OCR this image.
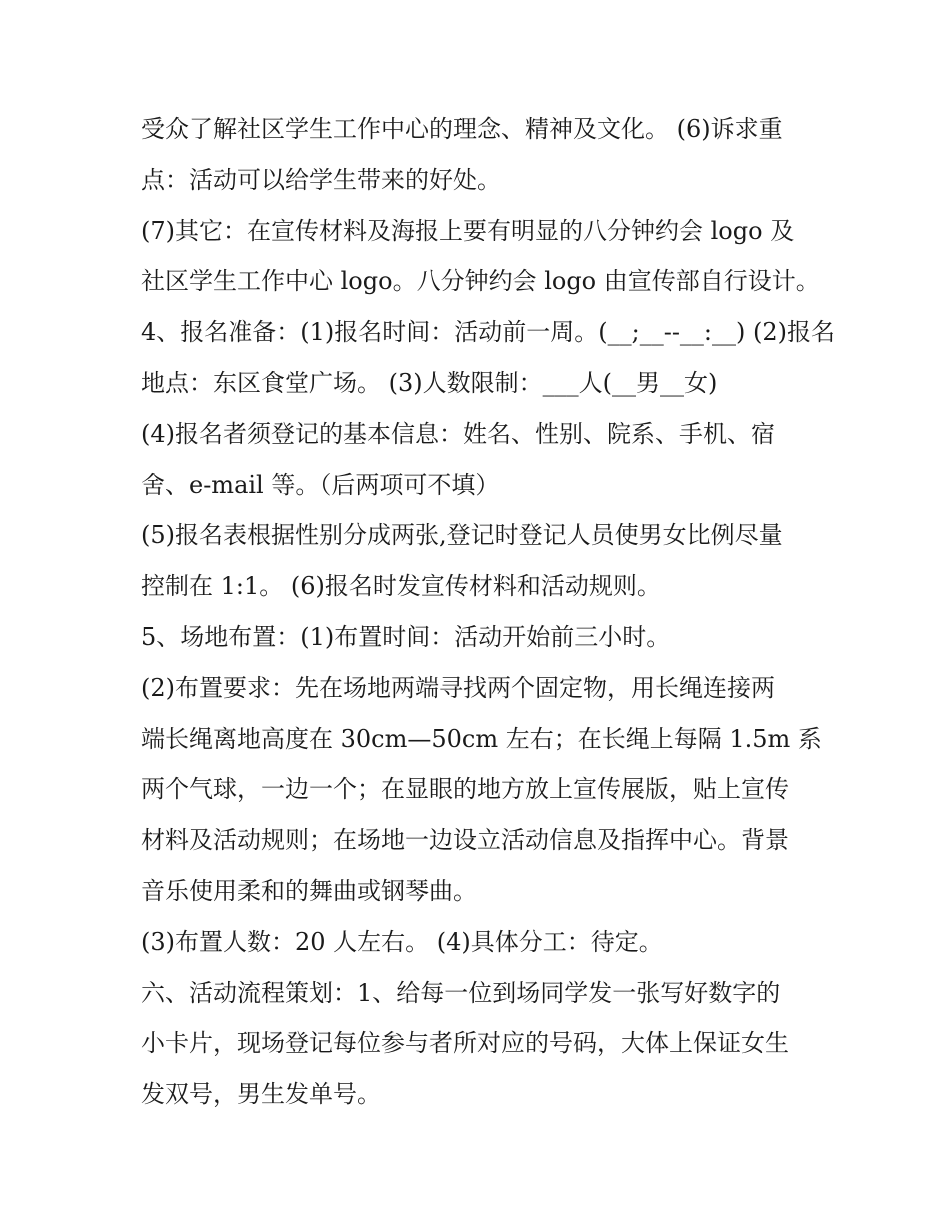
受众了解社区学生工作中心的理念、精神及文化。 (6)诉求重
点：活动可以给学生带来的好处。
(7)其它：在宣传材料及海报上要有明显的八分钟约会 logo 及
社区学生工作中心 logo。八分钟约会 logo 由宣传部自行设计。
4、报名准备：(1)报名时间：活动前一周。(__;__--__:__) (2)报名
地点：东区食堂广场。 (3)人数限制：___人(__男__女)
(4)报名者须登记的基本信息：姓名、性别、院系、手机、宿
舍、e-mail 等。（后两项可不填）
(5)报名表根据性别分成两张,登记时登记人员使男女比例尽量
控制在 1:1。 (6)报名时发宣传材料和活动规则。
5、场地布置：(1)布置时间：活动开始前三小时。
(2)布置要求：先在场地两端寻找两个固定物，用长绳连接两
端长绳离地高度在 30cm—50cm 左右；在长绳上每隔 1.5m 系
两个气球，一边一个；在显眼的地方放上宣传展版，贴上宣传
材料及活动规则；在场地一边设立活动信息及指挥中心。背景
音乐使用柔和的舞曲或钢琴曲。
(3)布置人数：20 人左右。 (4)具体分工：待定。
六、活动流程策划：1、给每一位到场同学发一张写好数字的
小卡片，现场登记每位参与者所对应的号码，大体上保证女生
发双号，男生发单号。
